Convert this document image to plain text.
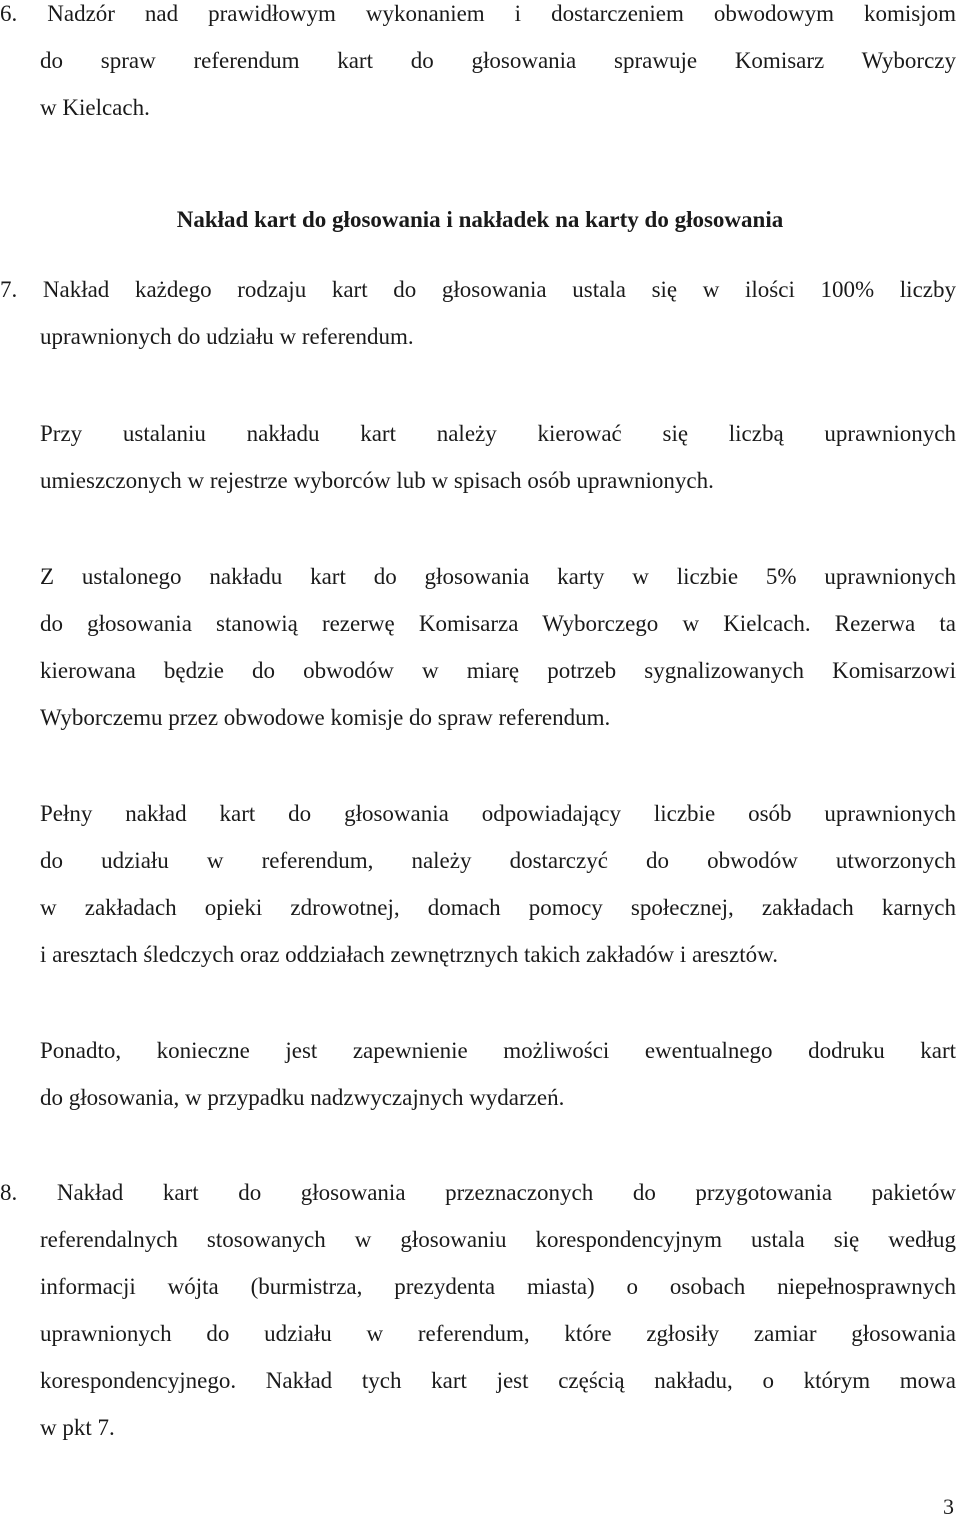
6. Nadzór nad prawidłowym wykonaniem i dostarczeniem obwodowym komisjom
do spraw referendum kart do głosowania sprawuje Komisarz Wyborczy
w Kielcach.
Nakład kart do głosowania i nakładek na karty do głosowania
7. Nakład każdego rodzaju kart do głosowania ustala się w ilości 100% liczby
uprawnionych do udziału w referendum.
Przy ustalaniu nakładu kart należy kierować się liczbą uprawnionych
umieszczonych w rejestrze wyborców lub w spisach osób uprawnionych.
Z ustalonego nakładu kart do głosowania karty w liczbie 5% uprawnionych
do głosowania stanowią rezerwę Komisarza Wyborczego w Kielcach. Rezerwa ta
kierowana będzie do obwodów w miarę potrzeb sygnalizowanych Komisarzowi
Wyborczemu przez obwodowe komisje do spraw referendum.
Pełny nakład kart do głosowania odpowiadający liczbie osób uprawnionych
do udziału w referendum, należy dostarczyć do obwodów utworzonych
w zakładach opieki zdrowotnej, domach pomocy społecznej, zakładach karnych
i aresztach śledczych oraz oddziałach zewnętrznych takich zakładów i aresztów.
Ponadto, konieczne jest zapewnienie możliwości ewentualnego dodruku kart
do głosowania, w przypadku nadzwyczajnych wydarzeń.
8. Nakład kart do głosowania przeznaczonych do przygotowania pakietów
referendalnych stosowanych w głosowaniu korespondencyjnym ustala się według
informacji wójta (burmistrza, prezydenta miasta) o osobach niepełnosprawnych
uprawnionych do udziału w referendum, które zgłosiły zamiar głosowania
korespondencyjnego. Nakład tych kart jest częścią nakładu, o którym mowa
w pkt 7.
3
